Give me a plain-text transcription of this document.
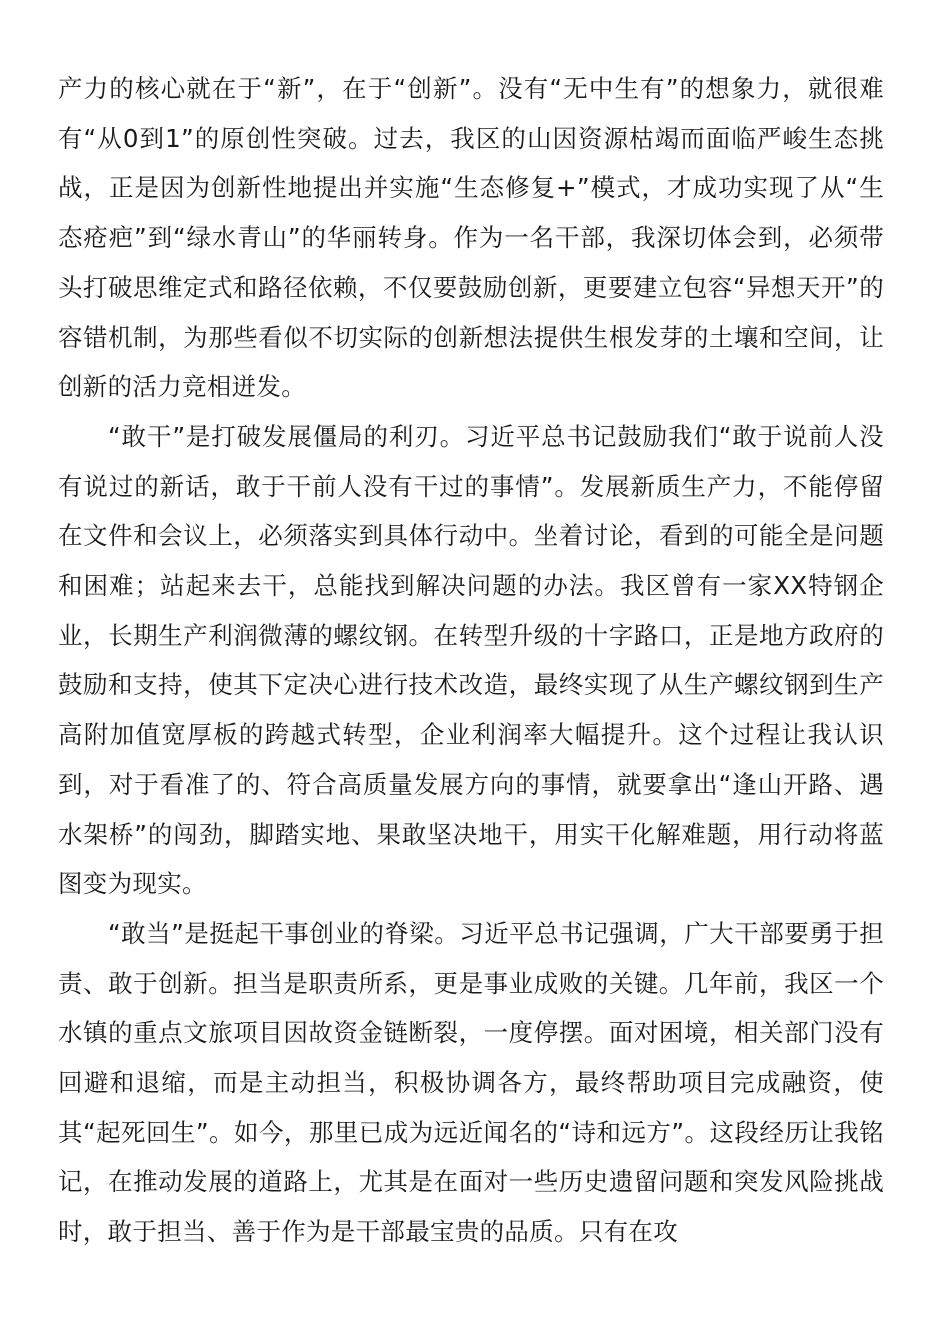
产力的核心就在于“新”，在于“创新”。没有“无中生有”的想象力，就很难有“从0到1”的原创性突破。过去，我区的山因资源枯竭而面临严峻生态挑战，正是因为创新性地提出并实施“生态修复+”模式，才成功实现了从“生态疮疤”到“绿水青山”的华丽转身。作为一名干部，我深切体会到，必须带头打破思维定式和路径依赖，不仅要鼓励创新，更要建立包容“异想天开”的容错机制，为那些看似不切实际的创新想法提供生根发芽的土壤和空间，让创新的活力竞相迸发。

“敢干”是打破发展僵局的利刃。习近平总书记鼓励我们“敢于说前人没有说过的新话，敢于干前人没有干过的事情”。发展新质生产力，不能停留在文件和会议上，必须落实到具体行动中。坐着讨论，看到的可能全是问题和困难；站起来去干，总能找到解决问题的办法。我区曾有一家XX特钢企业，长期生产利润微薄的螺纹钢。在转型升级的十字路口，正是地方政府的鼓励和支持，使其下定决心进行技术改造，最终实现了从生产螺纹钢到生产高附加值宽厚板的跨越式转型，企业利润率大幅提升。这个过程让我认识到，对于看准了的、符合高质量发展方向的事情，就要拿出“逢山开路、遇水架桥”的闯劲，脚踏实地、果敢坚决地干，用实干化解难题，用行动将蓝图变为现实。

“敢当”是挺起干事创业的脊梁。习近平总书记强调，广大干部要勇于担责、敢于创新。担当是职责所系，更是事业成败的关键。几年前，我区一个水镇的重点文旅项目因故资金链断裂，一度停摆。面对困境，相关部门没有回避和退缩，而是主动担当，积极协调各方，最终帮助项目完成融资，使其“起死回生”。如今，那里已成为远近闻名的“诗和远方”。这段经历让我铭记，在推动发展的道路上，尤其是在面对一些历史遗留问题和突发风险挑战时，敢于担当、善于作为是干部最宝贵的品质。只有在攻
